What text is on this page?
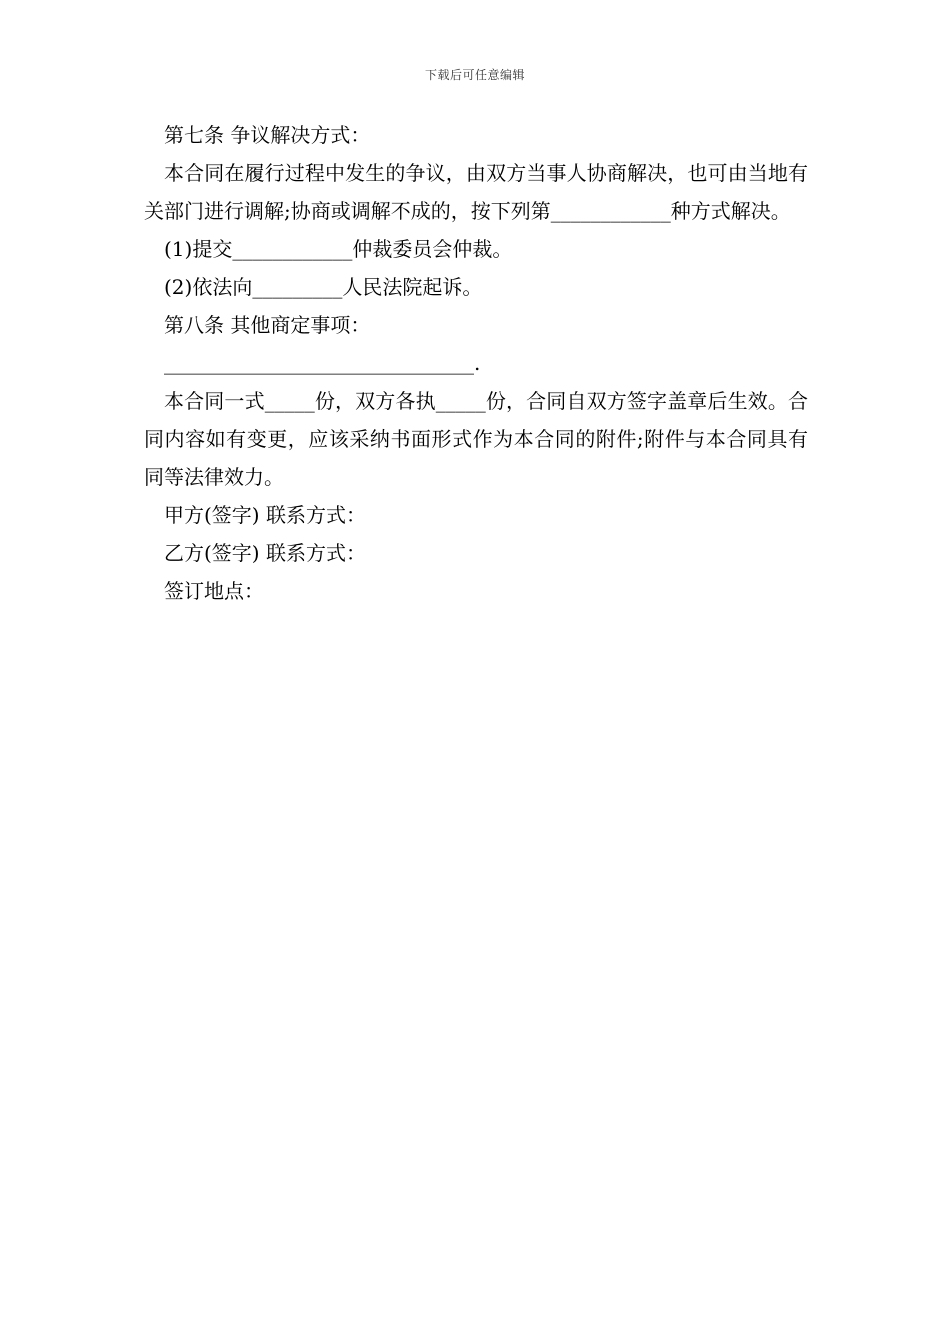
下载后可任意编辑

第七条 争议解决方式：

本合同在履行过程中发生的争议，由双方当事人协商解决，也可由当地有关部门进行调解;协商或调解不成的，按下列第____________种方式解决。

(1)提交____________仲裁委员会仲裁。

(2)依法向_________人民法院起诉。

第八条 其他商定事项：

_______________________________.

本合同一式_____份，双方各执_____份，合同自双方签字盖章后生效。合同内容如有变更，应该采纳书面形式作为本合同的附件;附件与本合同具有同等法律效力。

甲方(签字) 联系方式：

乙方(签字) 联系方式：

签订地点：
